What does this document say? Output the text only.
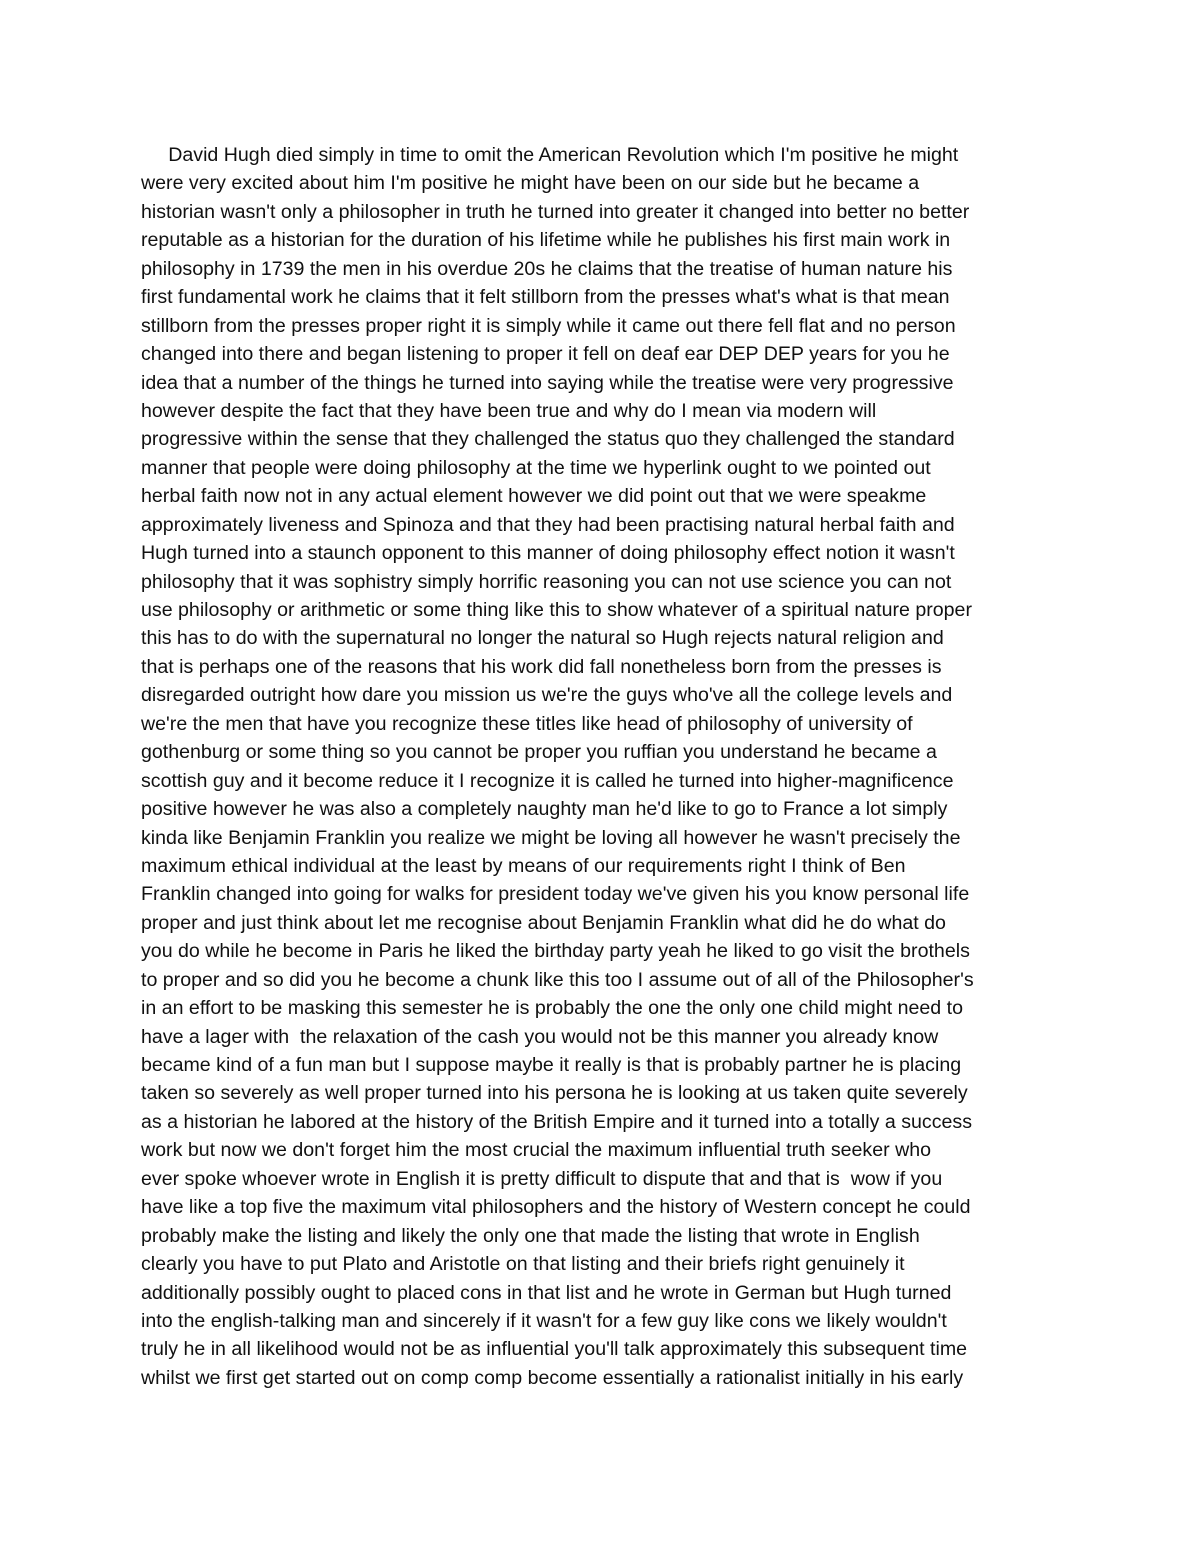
David Hugh died simply in time to omit the American Revolution which I'm positive he might
were very excited about him I'm positive he might have been on our side but he became a
historian wasn't only a philosopher in truth he turned into greater it changed into better no better
reputable as a historian for the duration of his lifetime while he publishes his first main work in
philosophy in 1739 the men in his overdue 20s he claims that the treatise of human nature his
first fundamental work he claims that it felt stillborn from the presses what's what is that mean
stillborn from the presses proper right it is simply while it came out there fell flat and no person
changed into there and began listening to proper it fell on deaf ear DEP DEP years for you he
idea that a number of the things he turned into saying while the treatise were very progressive
however despite the fact that they have been true and why do I mean via modern will
progressive within the sense that they challenged the status quo they challenged the standard
manner that people were doing philosophy at the time we hyperlink ought to we pointed out
herbal faith now not in any actual element however we did point out that we were speakme
approximately liveness and Spinoza and that they had been practising natural herbal faith and
Hugh turned into a staunch opponent to this manner of doing philosophy effect notion it wasn't
philosophy that it was sophistry simply horrific reasoning you can not use science you can not
use philosophy or arithmetic or some thing like this to show whatever of a spiritual nature proper
this has to do with the supernatural no longer the natural so Hugh rejects natural religion and
that is perhaps one of the reasons that his work did fall nonetheless born from the presses is
disregarded outright how dare you mission us we're the guys who've all the college levels and
we're the men that have you recognize these titles like head of philosophy of university of
gothenburg or some thing so you cannot be proper you ruffian you understand he became a
scottish guy and it become reduce it I recognize it is called he turned into higher-magnificence
positive however he was also a completely naughty man he'd like to go to France a lot simply
kinda like Benjamin Franklin you realize we might be loving all however he wasn't precisely the
maximum ethical individual at the least by means of our requirements right I think of Ben
Franklin changed into going for walks for president today we've given his you know personal life
proper and just think about let me recognise about Benjamin Franklin what did he do what do
you do while he become in Paris he liked the birthday party yeah he liked to go visit the brothels
to proper and so did you he become a chunk like this too I assume out of all of the Philosopher's
in an effort to be masking this semester he is probably the one the only one child might need to
have a lager with  the relaxation of the cash you would not be this manner you already know
became kind of a fun man but I suppose maybe it really is that is probably partner he is placing
taken so severely as well proper turned into his persona he is looking at us taken quite severely
as a historian he labored at the history of the British Empire and it turned into a totally a success
work but now we don't forget him the most crucial the maximum influential truth seeker who
ever spoke whoever wrote in English it is pretty difficult to dispute that and that is  wow if you
have like a top five the maximum vital philosophers and the history of Western concept he could
probably make the listing and likely the only one that made the listing that wrote in English
clearly you have to put Plato and Aristotle on that listing and their briefs right genuinely it
additionally possibly ought to placed cons in that list and he wrote in German but Hugh turned
into the english-talking man and sincerely if it wasn't for a few guy like cons we likely wouldn't
truly he in all likelihood would not be as influential you'll talk approximately this subsequent time
whilst we first get started out on comp comp become essentially a rationalist initially in his early
